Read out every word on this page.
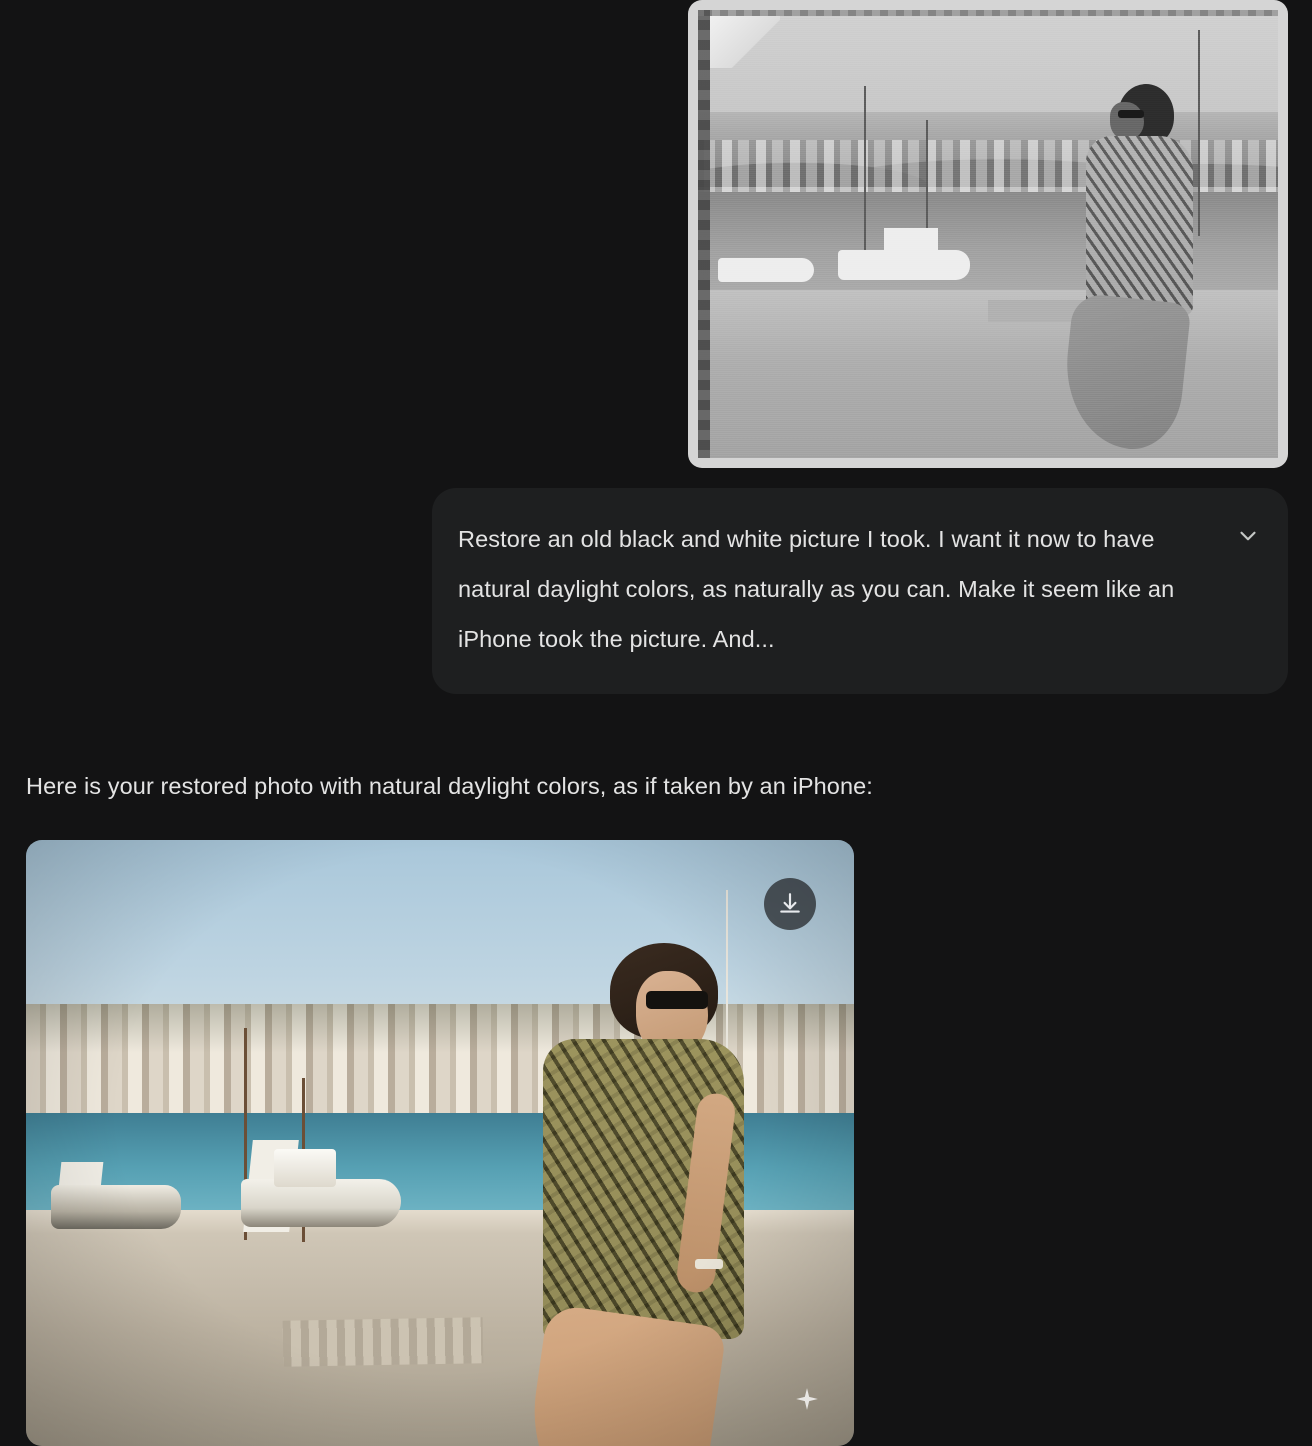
Restore an old black and white picture I took. I want it now to have natural daylight colors, as naturally as you can. Make it seem like an iPhone took the picture. And...
Here is your restored photo with natural daylight colors, as if taken by an iPhone:
